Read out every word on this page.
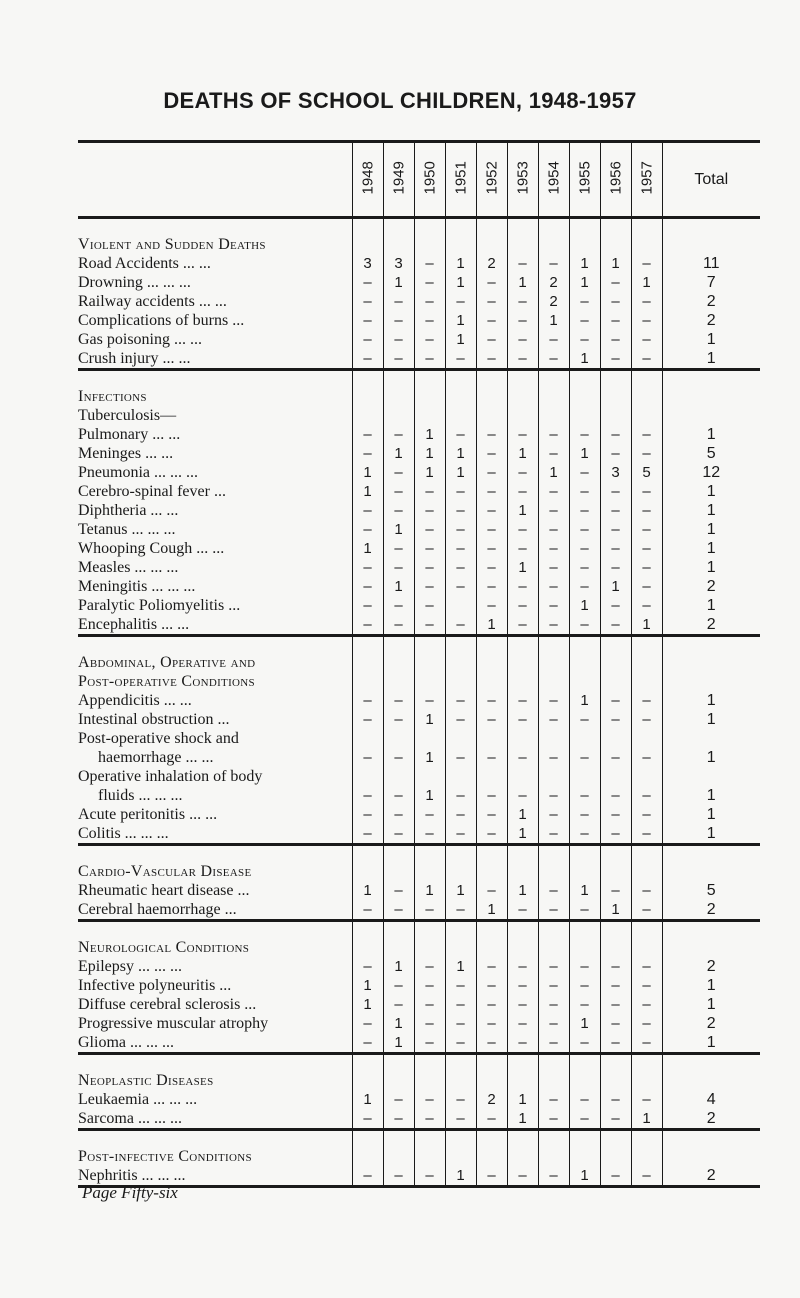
DEATHS OF SCHOOL CHILDREN, 1948-1957

	1948	1949	1950	1951	1952	1953	1954	1955	1956	1957	Total
Violent and Sudden Deaths											
Road Accidents ... ...	3	3	–	1	2	–	–	1	1	–	11
Drowning ... ... ...	–	1	–	1	–	1	2	1	–	1	7
Railway accidents ... ...	–	–	–	–	–	–	2	–	–	–	2
Complications of burns ...	–	–	–	1	–	–	1	–	–	–	2
Gas poisoning ... ...	–	–	–	1	–	–	–	–	–	–	1
Crush injury ... ...	–	–	–	–	–	–	–	1	–	–	1
Infections											
Tuberculosis—											
Pulmonary ... ...	–	–	1	–	–	–	–	–	–	–	1
Meninges ... ...	–	1	1	1	–	1	–	1	–	–	5
Pneumonia ... ... ...	1	–	1	1	–	–	1	–	3	5	12
Cerebro-spinal fever ...	1	–	–	–	–	–	–	–	–	–	1
Diphtheria ... ...	–	–	–	–	–	1	–	–	–	–	1
Tetanus ... ... ...	–	1	–	–	–	–	–	–	–	–	1
Whooping Cough ... ...	1	–	–	–	–	–	–	–	–	–	1
Measles ... ... ...	–	–	–	–	–	1	–	–	–	–	1
Meningitis ... ... ...	–	1	–	–	–	–	–	–	1	–	2
Paralytic Poliomyelitis ...	–	–	–		–	–	–	1	–	–	1
Encephalitis ... ...	–	–	–	–	1	–	–	–	–	1	2
Abdominal, Operative and											
Post-operative Conditions											
Appendicitis ... ...	–	–	–	–	–	–	–	1	–	–	1
Intestinal obstruction ...	–	–	1	–	–	–	–	–	–	–	1
Post-operative shock and											
haemorrhage ... ...	–	–	1	–	–	–	–	–	–	–	1
Operative inhalation of body											
fluids ... ... ...	–	–	1	–	–	–	–	–	–	–	1
Acute peritonitis ... ...	–	–	–	–	–	1	–	–	–	–	1
Colitis ... ... ...	–	–	–	–	–	1	–	–	–	–	1
Cardio-Vascular Disease											
Rheumatic heart disease ...	1	–	1	1	–	1	–	1	–	–	5
Cerebral haemorrhage ...	–	–	–	–	1	–	–	–	1	–	2
Neurological Conditions											
Epilepsy ... ... ...	–	1	–	1	–	–	–	–	–	–	2
Infective polyneuritis ...	1	–	–	–	–	–	–	–	–	–	1
Diffuse cerebral sclerosis ...	1	–	–	–	–	–	–	–	–	–	1
Progressive muscular atrophy	–	1	–	–	–	–	–	1	–	–	2
Glioma ... ... ...	–	1	–	–	–	–	–	–	–	–	1
Neoplastic Diseases											
Leukaemia ... ... ...	1	–	–	–	2	1	–	–	–	–	4
Sarcoma ... ... ...	–	–	–	–	–	1	–	–	–	1	2
Post-infective Conditions											
Nephritis ... ... ...	–	–	–	1	–	–	–	1	–	–	2
Page Fifty-six
